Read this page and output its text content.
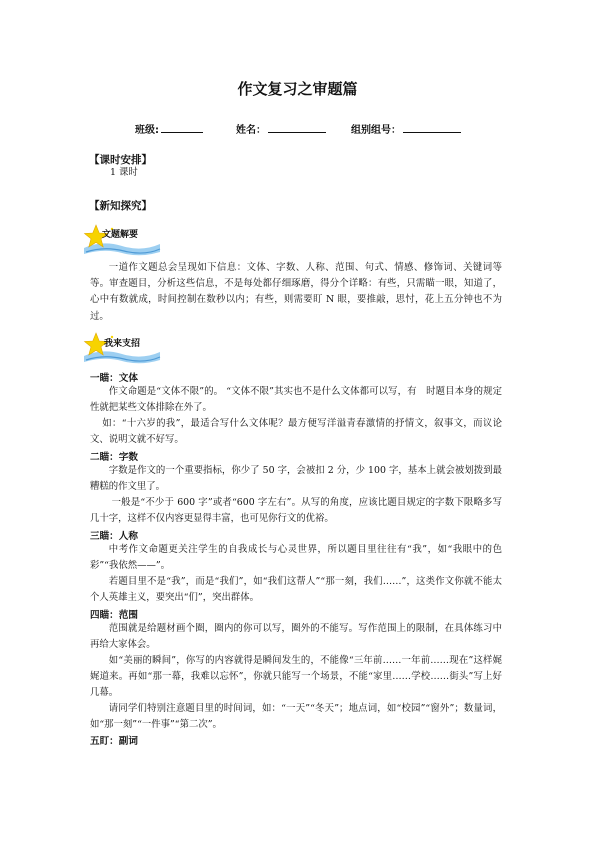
作文复习之审题篇
班级:	姓名：	组别组号：
【课时安排】
1 课时
【新知探究】
文题解要

一道作文题总会呈现如下信息：文体、字数、人称、范围、句式、情感、修饰词、关键词等等。审查题目，分析这些信息，不是每处都仔细琢磨，得分个详略：有些，只需瞄一眼，知道了，心中有数就成，时间控制在数秒以内；有些，则需要盯 N 眼，要推敲，思忖，花上五分钟也不为过。

我来支招
一瞄：文体

作文命题是“文体不限”的。 “文体不限”其实也不是什么文体都可以写，有　时题目本身的规定性就把某些文体排除在外了。

如：“十六岁的我”，最适合写什么文体呢？最方便写洋溢青春激情的抒情文，叙事文，而议论文、说明文就不好写。

二瞄：字数

字数是作文的一个重要指标，你少了 50 字，会被扣 2 分，少 100 字，基本上就会被划拨到最糟糕的作文里了。

一般是“不少于 600 字”或者“600 字左右”。从写的角度，应该比题目规定的字数下限略多写几十字，这样不仅内容更显得丰富，也可见你行文的优裕。

三瞄：人称

中考作文命题更关注学生的自我成长与心灵世界，所以题目里往往有“我”，如“我眼中的色彩”“我依然——”。

若题目里不是“我”，而是“我们”，如“我们这帮人”“那一刻，我们……”，这类作文你就不能太个人英雄主义，要突出“们”，突出群体。

四瞄：范围

范围就是给题材画个圈，圈内的你可以写，圈外的不能写。写作范围上的限制，在具体练习中再给大家体会。

如“美丽的瞬间”，你写的内容就得是瞬间发生的，不能像“三年前……一年前……现在”这样娓娓道来。再如“那一幕，我难以忘怀”，你就只能写一个场景，不能“家里……学校……街头”写上好几幕。

请同学们特别注意题目里的时间词，如：“一天”“冬天”；地点词，如“校园”“窗外”；数量词，如“那一刻”“一件事”“第二次”。

五盯：副词
